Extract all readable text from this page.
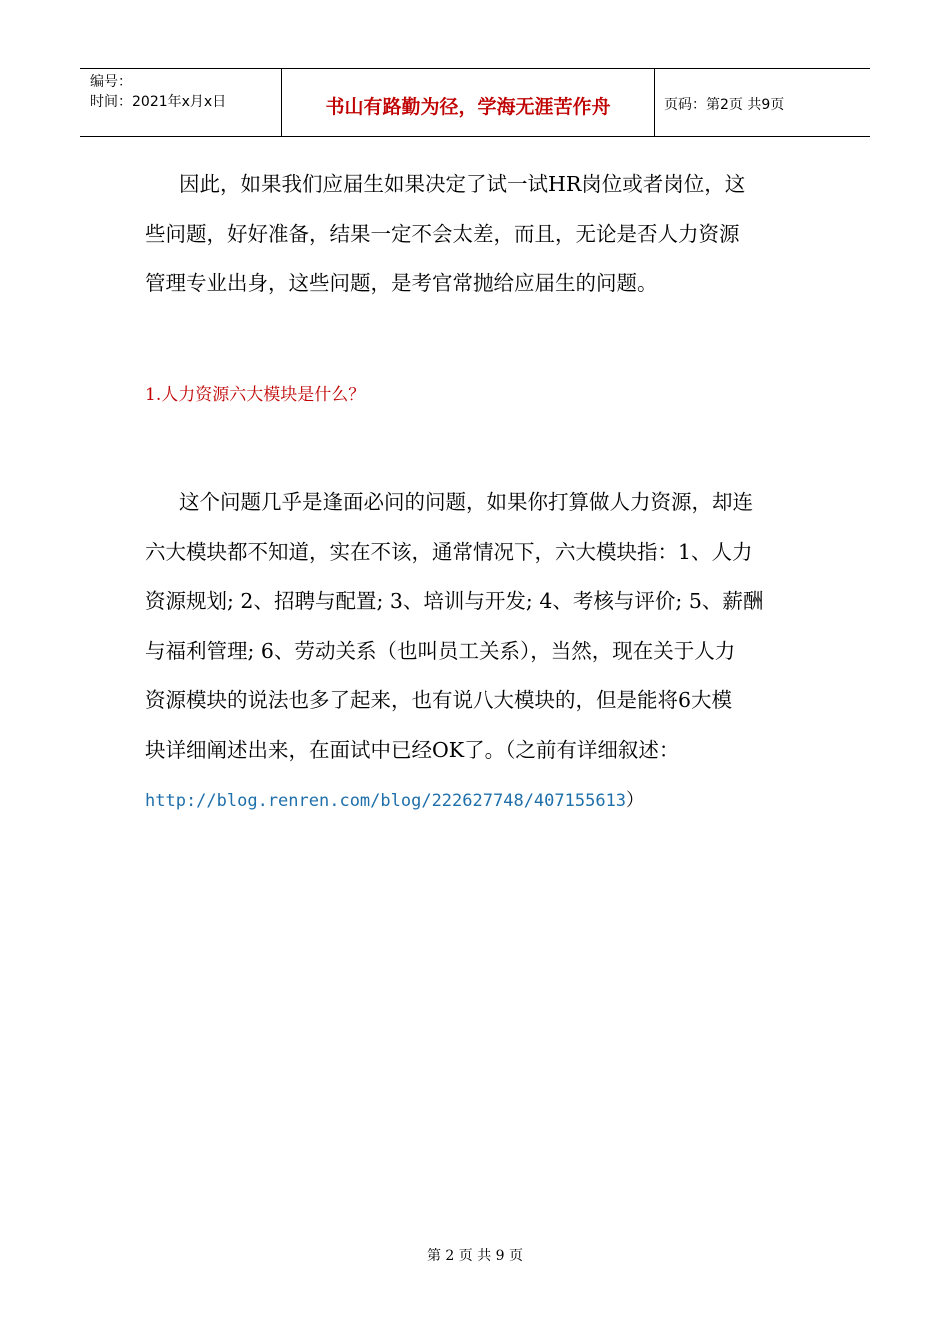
编号：
时间：2021年x月x日	书山有路勤为径，学海无涯苦作舟	页码：第2页 共9页
因此，如果我们应届生如果决定了试一试HR岗位或者岗位，这
些问题，好好准备，结果一定不会太差，而且，无论是否人力资源
管理专业出身，这些问题，是考官常抛给应届生的问题。
1.人力资源六大模块是什么？
这个问题几乎是逢面必问的问题，如果你打算做人力资源，却连
六大模块都不知道，实在不该，通常情况下，六大模块指：1、人力
资源规划; 2、招聘与配置; 3、培训与开发; 4、考核与评价; 5、薪酬
与福利管理; 6、劳动关系（也叫员工关系），当然，现在关于人力
资源模块的说法也多了起来，也有说八大模块的，但是能将6大模
块详细阐述出来，在面试中已经OK了。（之前有详细叙述：
http://blog.renren.com/blog/222627748/407155613）
第 2 页 共 9 页
